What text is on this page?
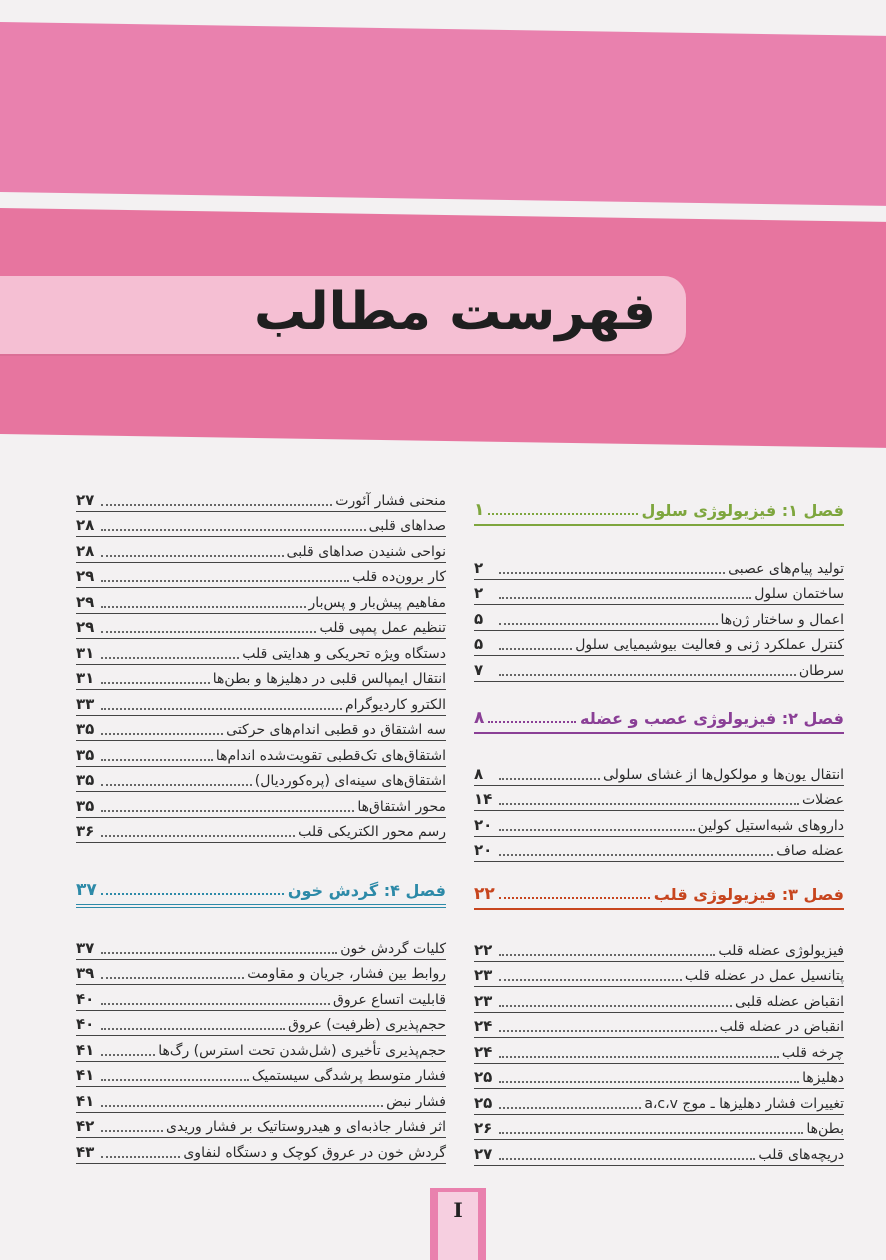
فهرست مطالب
فصل ۱: فیزیولوژی سلول
۱
تولید پیام‌های عصبی
۲
ساختمان سلول
۲
اعمال و ساختار ژن‌ها
۵
کنترل عملکرد ژنی و فعالیت بیوشیمیایی سلول
۵
سرطان
۷
فصل ۲: فیزیولوژی عصب و عضله
۸
انتقال یون‌ها و مولکول‌ها از غشای سلولی
۸
عضلات
۱۴
داروهای شبه‌استیل کولین
۲۰
عضله صاف
۲۰
فصل ۳: فیزیولوژی قلب
۲۲
فیزیولوژی عضله قلب
۲۲
پتانسیل عمل در عضله قلب
۲۳
انقباض عضله قلبی
۲۳
انقباض در عضله قلب
۲۴
چرخه قلب
۲۴
دهلیزها
۲۵
تغییرات فشار دهلیزها ـ موج a،c،v
۲۵
بطن‌ها
۲۶
دریچه‌های قلب
۲۷
منحنی فشار آئورت
۲۷
صداهای قلبی
۲۸
نواحی شنیدن صداهای قلبی
۲۸
کار برون‌ده قلب
۲۹
مفاهیم پیش‌بار و پس‌بار
۲۹
تنظیم عمل پمپی قلب
۲۹
دستگاه ویژه تحریکی و هدایتی قلب
۳۱
انتقال ایمپالس قلبی در دهلیزها و بطن‌ها
۳۱
الکترو کاردیوگرام
۳۳
سه اشتقاق دو قطبی اندام‌های حرکتی
۳۵
اشتقاق‌های تک‌قطبی تقویت‌شده اندام‌ها
۳۵
اشتقاق‌های سینه‌ای (پره‌کوردیال)
۳۵
محور اشتقاق‌ها
۳۵
رسم محور الکتریکی قلب
۳۶
فصل ۴: گردش خون
۳۷
کلیات گردش خون
۳۷
روابط بین فشار، جریان و مقاومت
۳۹
قابلیت اتساع عروق
۴۰
حجم‌پذیری (ظرفیت) عروق
۴۰
حجم‌پذیری تأخیری (شل‌شدن تحت استرس) رگ‌ها
۴۱
فشار متوسط پرشدگی سیستمیک
۴۱
فشار نبض
۴۱
اثر فشار جاذبه‌ای و هیدروستاتیک بر فشار وریدی
۴۲
گردش خون در عروق کوچک و دستگاه لنفاوی
۴۳
I
